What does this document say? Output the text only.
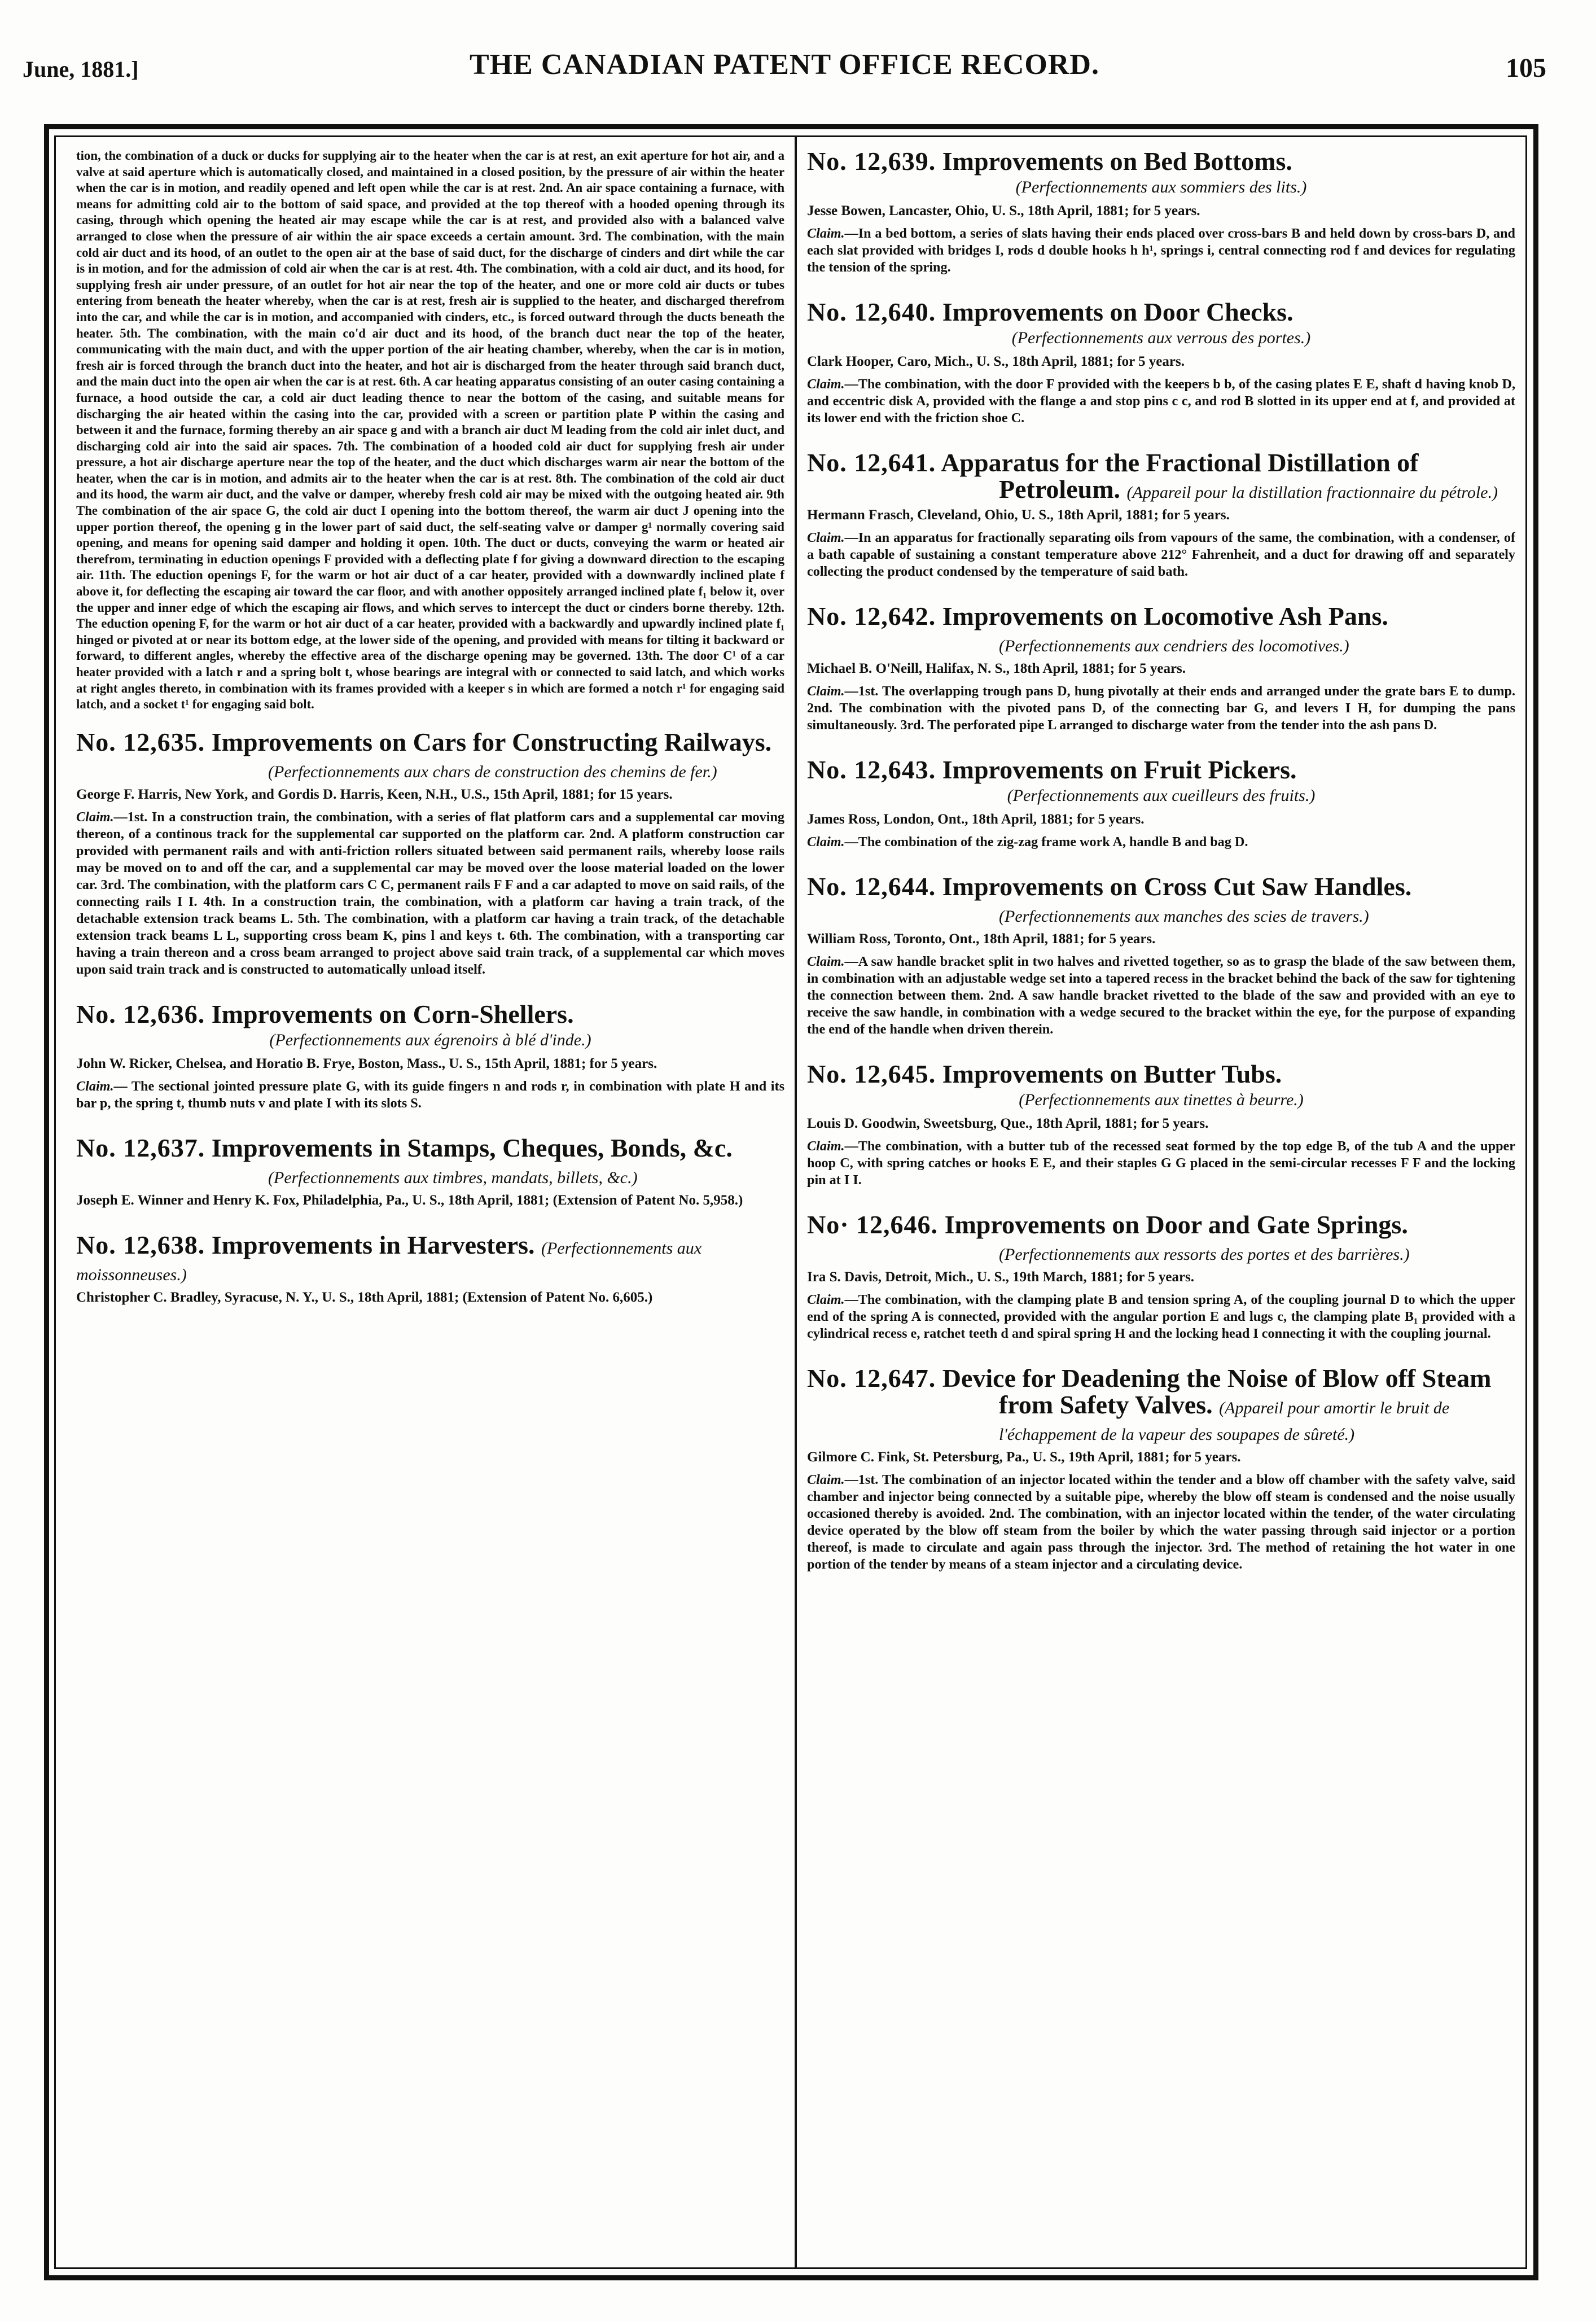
June, 1881.]	THE CANADIAN PATENT OFFICE RECORD.	105

tion, the combination of a duck or ducks for supplying air to the heater when the car is at rest, an exit aperture for hot air, and a valve at said aperture which is automatically closed, and maintained in a closed position, by the pressure of air within the heater when the car is in motion, and readily opened and left open while the car is at rest. 2nd. An air space containing a furnace, with means for admitting cold air to the bottom of said space, and provided at the top thereof with a hooded opening through its casing, through which opening the heated air may escape while the car is at rest, and provided also with a balanced valve arranged to close when the pressure of air within the air space exceeds a certain amount. 3rd. The combination, with the main cold air duct and its hood, of an outlet to the open air at the base of said duct, for the discharge of cinders and dirt while the car is in motion, and for the admission of cold air when the car is at rest. 4th. The combination, with a cold air duct, and its hood, for supplying fresh air under pressure, of an outlet for hot air near the top of the heater, and one or more cold air ducts or tubes entering from beneath the heater whereby, when the car is at rest, fresh air is supplied to the heater, and discharged therefrom into the car, and while the car is in motion, and accompanied with cinders, etc., is forced outward through the ducts beneath the heater. 5th. The combination, with the main co'd air duct and its hood, of the branch duct near the top of the heater, communicating with the main duct, and with the upper portion of the air heating chamber, whereby, when the car is in motion, fresh air is forced through the branch duct into the heater, and hot air is discharged from the heater through said branch duct, and the main duct into the open air when the car is at rest. 6th. A car heating apparatus consisting of an outer casing containing a furnace, a hood outside the car, a cold air duct leading thence to near the bottom of the casing, and suitable means for discharging the air heated within the casing into the car, provided with a screen or partition plate P within the casing and between it and the furnace, forming thereby an air space g and with a branch air duct M leading from the cold air inlet duct, and discharging cold air into the said air spaces. 7th. The combination of a hooded cold air duct for supplying fresh air under pressure, a hot air discharge aperture near the top of the heater, and the duct which discharges warm air near the bottom of the heater, when the car is in motion, and admits air to the heater when the car is at rest. 8th. The combination of the cold air duct and its hood, the warm air duct, and the valve or damper, whereby fresh cold air may be mixed with the outgoing heated air. 9th The combination of the air space G, the cold air duct I opening into the bottom thereof, the warm air duct J opening into the upper portion thereof, the opening g in the lower part of said duct, the self-seating valve or damper g¹ normally covering said opening, and means for opening said damper and holding it open. 10th. The duct or ducts, conveying the warm or heated air therefrom, terminating in eduction openings F provided with a deflecting plate f for giving a downward direction to the escaping air. 11th. The eduction openings F, for the warm or hot air duct of a car heater, provided with a downwardly inclined plate f above it, for deflecting the escaping air toward the car floor, and with another oppositely arranged inclined plate f₁ below it, over the upper and inner edge of which the escaping air flows, and which serves to intercept the duct or cinders borne thereby. 12th. The eduction opening F, for the warm or hot air duct of a car heater, provided with a backwardly and upwardly inclined plate f₁ hinged or pivoted at or near its bottom edge, at the lower side of the opening, and provided with means for tilting it backward or forward, to different angles, whereby the effective area of the discharge opening may be governed. 13th. The door C¹ of a car heater provided with a latch r and a spring bolt t, whose bearings are integral with or connected to said latch, and which works at right angles thereto, in combination with its frames provided with a keeper s in which are formed a notch r¹ for engaging said latch, and a socket t¹ for engaging said bolt.

No. 12,635. Improvements on Cars for Constructing Railways. (Perfectionnements aux chars de construction des chemins de fer.)

George F. Harris, New York, and Gordis D. Harris, Keen, N.H., U.S., 15th April, 1881; for 15 years.

Claim.—1st. In a construction train, the combination, with a series of flat platform cars and a supplemental car moving thereon, of a continous track for the supplemental car supported on the platform car. 2nd. A platform construction car provided with permanent rails and with anti-friction rollers situated between said permanent rails, whereby loose rails may be moved on to and off the car, and a supplemental car may be moved over the loose material loaded on the lower car. 3rd. The combination, with the platform cars C C, permanent rails F F and a car adapted to move on said rails, of the connecting rails I I. 4th. In a construction train, the combination, with a platform car having a train track, of the detachable extension track beams L. 5th. The combination, with a platform car having a train track, of the detachable extension track beams L L, supporting cross beam K, pins l and keys t. 6th. The combination, with a transporting car having a train thereon and a cross beam arranged to project above said train track, of a supplemental car which moves upon said train track and is constructed to automatically unload itself.

No. 12,636. Improvements on Corn-Shellers.

(Perfectionnements aux égrenoirs à blé d'inde.)

John W. Ricker, Chelsea, and Horatio B. Frye, Boston, Mass., U. S., 15th April, 1881; for 5 years.

Claim.— The sectional jointed pressure plate G, with its guide fingers n and rods r, in combination with plate H and its bar p, the spring t, thumb nuts v and plate I with its slots S.

No. 12,637. Improvements in Stamps, Cheques, Bonds, &c. (Perfectionnements aux timbres, mandats, billets, &c.)

Joseph E. Winner and Henry K. Fox, Philadelphia, Pa., U. S., 18th April, 1881; (Extension of Patent No. 5,958.)

No. 12,638. Improvements in Harvesters. (Perfectionnements aux moissonneuses.)

Christopher C. Bradley, Syracuse, N. Y., U. S., 18th April, 1881; (Extension of Patent No. 6,605.)

No. 12,639. Improvements on Bed Bottoms.

(Perfectionnements aux sommiers des lits.)

Jesse Bowen, Lancaster, Ohio, U. S., 18th April, 1881; for 5 years.

Claim.—In a bed bottom, a series of slats having their ends placed over cross-bars B and held down by cross-bars D, and each slat provided with bridges I, rods d double hooks h h¹, springs i, central connecting rod f and devices for regulating the tension of the spring.

No. 12,640. Improvements on Door Checks.

(Perfectionnements aux verrous des portes.)

Clark Hooper, Caro, Mich., U. S., 18th April, 1881; for 5 years.

Claim.—The combination, with the door F provided with the keepers b b, of the casing plates E E, shaft d having knob D, and eccentric disk A, provided with the flange a and stop pins c c, and rod B slotted in its upper end at f, and provided at its lower end with the friction shoe C.

No. 12,641. Apparatus for the Fractional Distillation of Petroleum. (Appareil pour la distillation fractionnaire du pétrole.)

Hermann Frasch, Cleveland, Ohio, U. S., 18th April, 1881; for 5 years.

Claim.—In an apparatus for fractionally separating oils from vapours of the same, the combination, with a condenser, of a bath capable of sustaining a constant temperature above 212° Fahrenheit, and a duct for drawing off and separately collecting the product condensed by the temperature of said bath.

No. 12,642. Improvements on Locomotive Ash Pans. (Perfectionnements aux cendriers des locomotives.)

Michael B. O'Neill, Halifax, N. S., 18th April, 1881; for 5 years.

Claim.—1st. The overlapping trough pans D, hung pivotally at their ends and arranged under the grate bars E to dump. 2nd. The combination with the pivoted pans D, of the connecting bar G, and levers I H, for dumping the pans simultaneously. 3rd. The perforated pipe L arranged to discharge water from the tender into the ash pans D.

No. 12,643. Improvements on Fruit Pickers.

(Perfectionnements aux cueilleurs des fruits.)

James Ross, London, Ont., 18th April, 1881; for 5 years.

Claim.—The combination of the zig-zag frame work A, handle B and bag D.

No. 12,644. Improvements on Cross Cut Saw Handles. (Perfectionnements aux manches des scies de travers.)

William Ross, Toronto, Ont., 18th April, 1881; for 5 years.

Claim.—A saw handle bracket split in two halves and rivetted together, so as to grasp the blade of the saw between them, in combination with an adjustable wedge set into a tapered recess in the bracket behind the back of the saw for tightening the connection between them. 2nd. A saw handle bracket rivetted to the blade of the saw and provided with an eye to receive the saw handle, in combination with a wedge secured to the bracket within the eye, for the purpose of expanding the end of the handle when driven therein.

No. 12,645. Improvements on Butter Tubs.

(Perfectionnements aux tinettes à beurre.)

Louis D. Goodwin, Sweetsburg, Que., 18th April, 1881; for 5 years.

Claim.—The combination, with a butter tub of the recessed seat formed by the top edge B, of the tub A and the upper hoop C, with spring catches or hooks E E, and their staples G G placed in the semi-circular recesses F F and the locking pin at I I.

No· 12,646. Improvements on Door and Gate Springs. (Perfectionnements aux ressorts des portes et des barrières.)

Ira S. Davis, Detroit, Mich., U. S., 19th March, 1881; for 5 years.

Claim.—The combination, with the clamping plate B and tension spring A, of the coupling journal D to which the upper end of the spring A is connected, provided with the angular portion E and lugs c, the clamping plate B₁ provided with a cylindrical recess e, ratchet teeth d and spiral spring H and the locking head I connecting it with the coupling journal.

No. 12,647. Device for Deadening the Noise of Blow off Steam from Safety Valves. (Appareil pour amortir le bruit de l'échappement de la vapeur des soupapes de sûreté.)

Gilmore C. Fink, St. Petersburg, Pa., U. S., 19th April, 1881; for 5 years.

Claim.—1st. The combination of an injector located within the tender and a blow off chamber with the safety valve, said chamber and injector being connected by a suitable pipe, whereby the blow off steam is condensed and the noise usually occasioned thereby is avoided. 2nd. The combination, with an injector located within the tender, of the water circulating device operated by the blow off steam from the boiler by which the water passing through said injector or a portion thereof, is made to circulate and again pass through the injector. 3rd. The method of retaining the hot water in one portion of the tender by means of a steam injector and a circulating device.
